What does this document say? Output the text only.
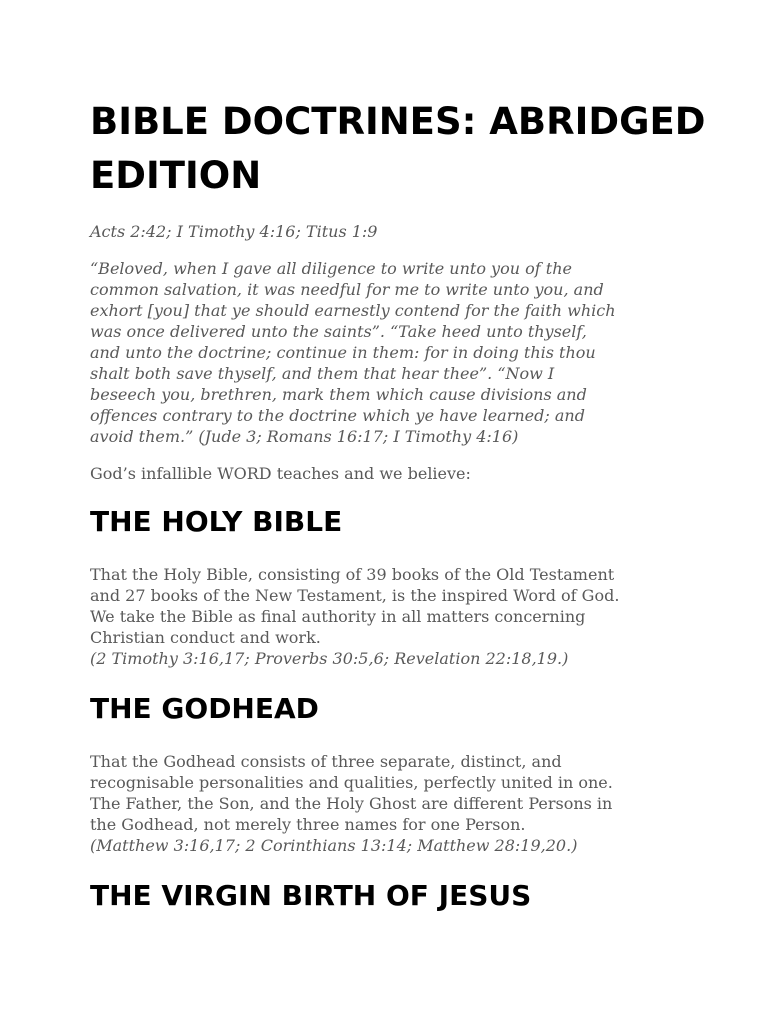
BIBLE DOCTRINES: ABRIDGED
EDITION

Acts 2:42; I Timothy 4:16; Titus 1:9

“Beloved, when I gave all diligence to write unto you of the
common salvation, it was needful for me to write unto you, and
exhort [you] that ye should earnestly contend for the faith which
was once delivered unto the saints”. “Take heed unto thyself,
and unto the doctrine; continue in them: for in doing this thou
shalt both save thyself, and them that hear thee”. “Now I
beseech you, brethren, mark them which cause divisions and
offences contrary to the doctrine which ye have learned; and
avoid them.” (Jude 3; Romans 16:17; I Timothy 4:16)

God’s infallible WORD teaches and we believe:

THE HOLY BIBLE

That the Holy Bible, consisting of 39 books of the Old Testament
and 27 books of the New Testament, is the inspired Word of God.
We take the Bible as final authority in all matters concerning
Christian conduct and work.

(2 Timothy 3:16,17; Proverbs 30:5,6; Revelation 22:18,19.)

THE GODHEAD

That the Godhead consists of three separate, distinct, and
recognisable personalities and qualities, perfectly united in one.
The Father, the Son, and the Holy Ghost are different Persons in
the Godhead, not merely three names for one Person.

(Matthew 3:16,17; 2 Corinthians 13:14; Matthew 28:19,20.)

THE VIRGIN BIRTH OF JESUS
